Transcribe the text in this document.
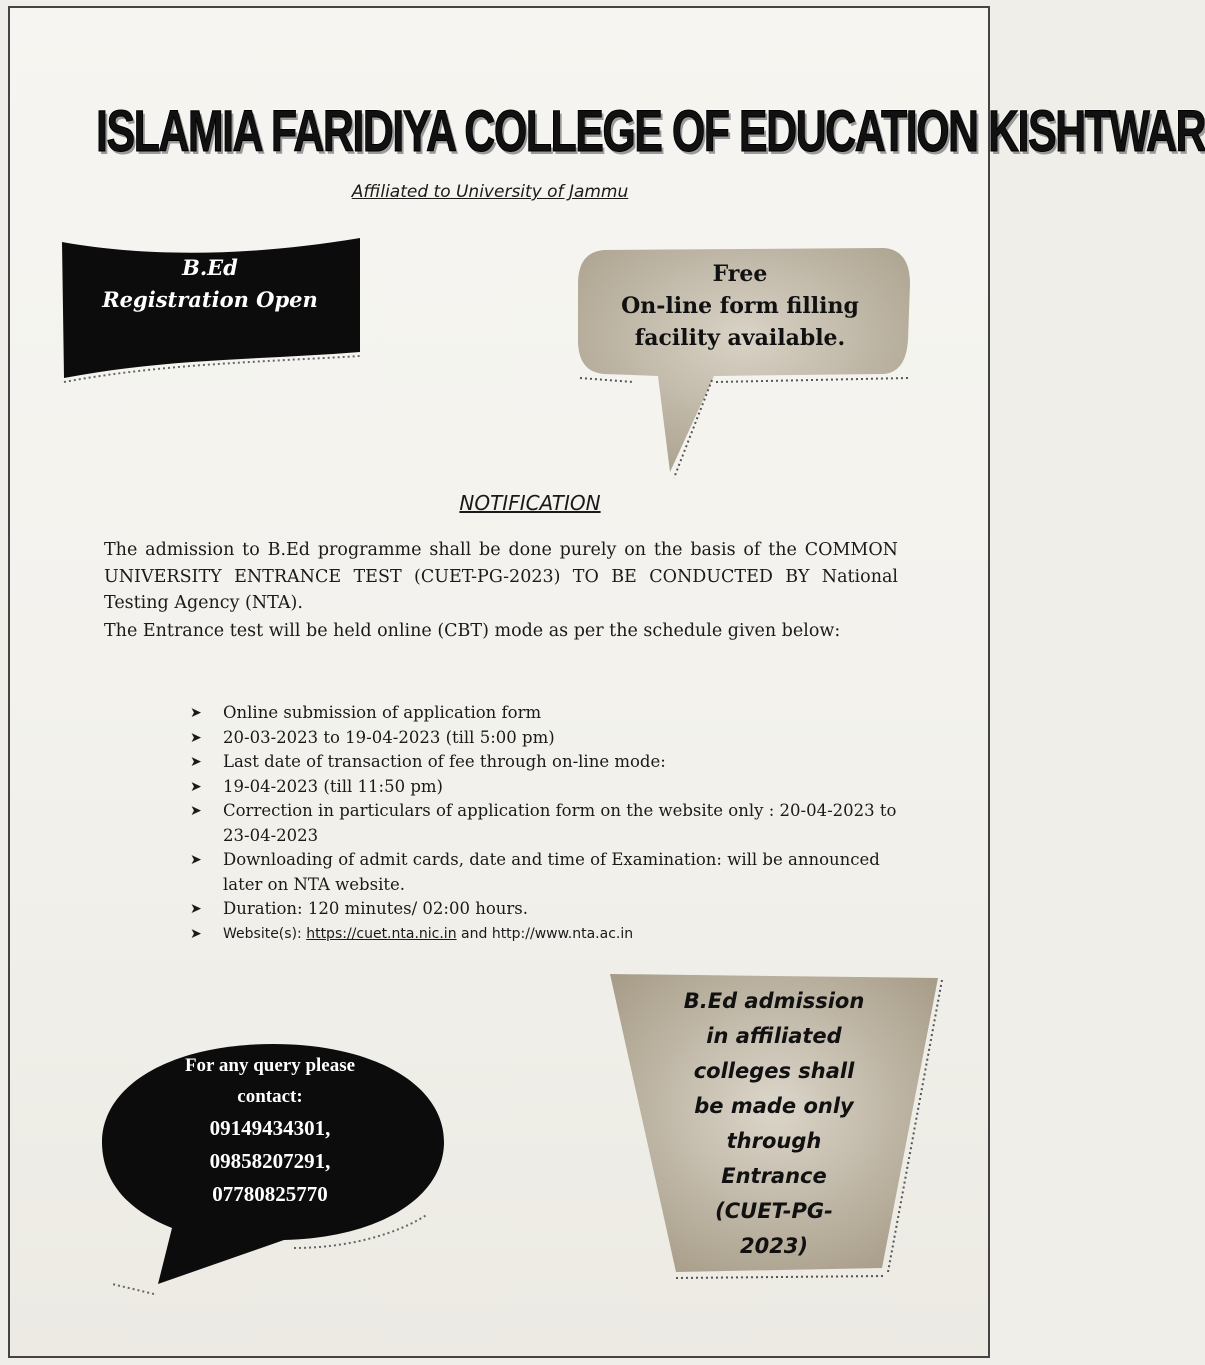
ISLAMIA FARIDIYA COLLEGE OF EDUCATION KISHTWAR
Affiliated to University of Jammu
B.Ed
Registration Open
Free
On-line form filling
facility available.
NOTIFICATION
The admission to B.Ed programme shall be done purely on the basis of the COMMON UNIVERSITY ENTRANCE TEST (CUET-PG-2023) TO BE CONDUCTED BY National Testing Agency (NTA).
The Entrance test will be held online (CBT) mode as per the schedule given below:
➤ Online submission of application form
➤ 20-03-2023 to 19-04-2023 (till 5:00 pm)
➤ Last date of transaction of fee through on-line mode:
➤ 19-04-2023 (till 11:50 pm)
➤ Correction in particulars of application form on the website only : 20-04-2023 to 23-04-2023
➤ Downloading of admit cards, date and time of Examination: will be announced later on NTA website.
➤ Duration: 120 minutes/ 02:00 hours.
➤ Website(s): https://cuet.nta.nic.in and http://www.nta.ac.in
For any query please
contact:
09149434301,
09858207291,
07780825770
B.Ed admission
in affiliated
colleges shall
be made only
through
Entrance
(CUET-PG-
2023)
